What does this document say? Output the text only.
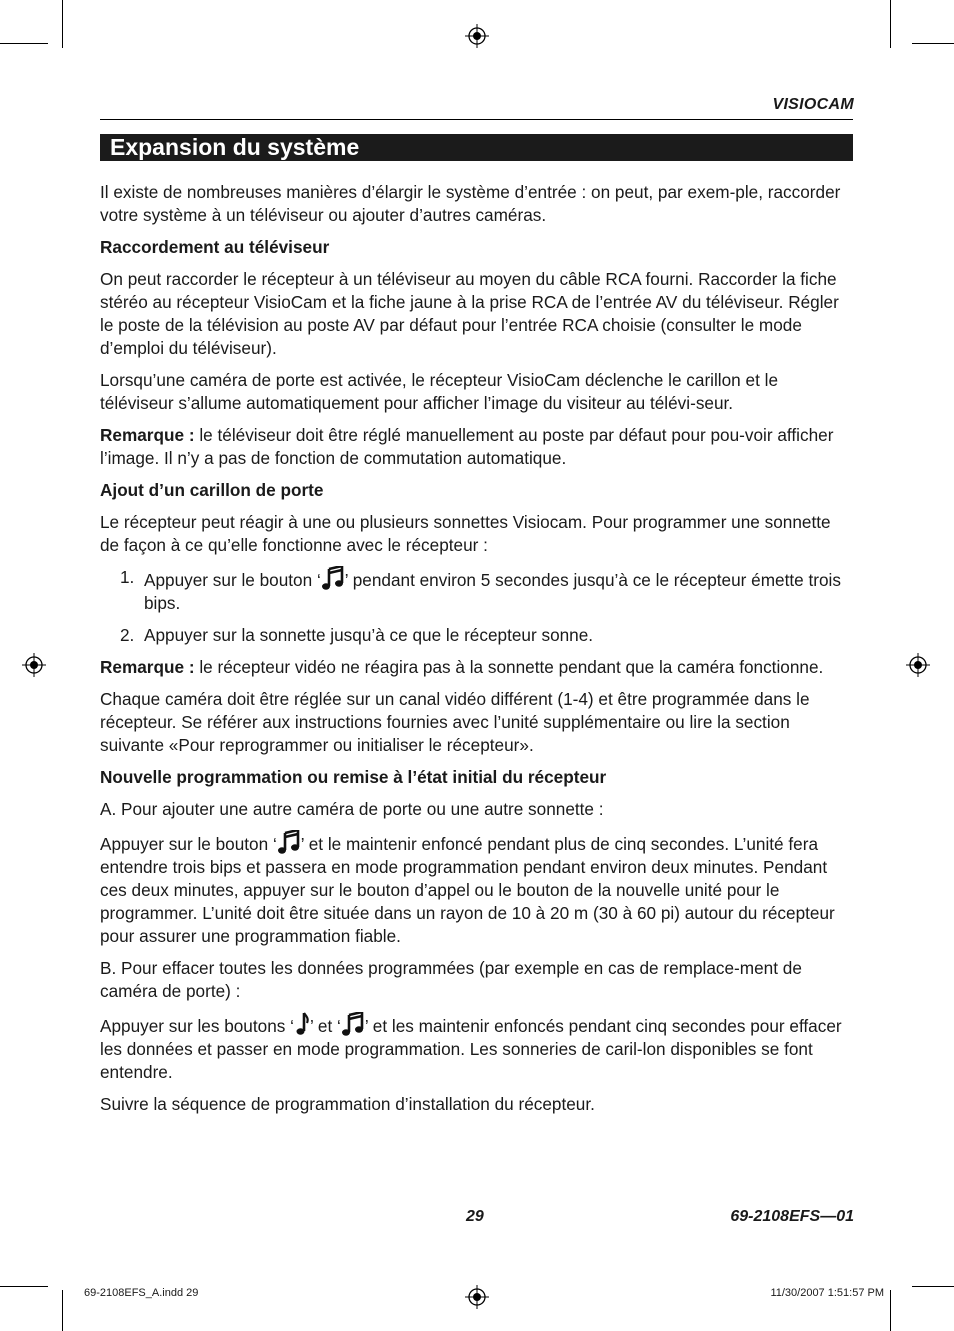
VISIOCAM
Expansion du système

Il existe de nombreuses manières d’élargir le système d’entrée : on peut, par exem-ple, raccorder votre système à un téléviseur ou ajouter d’autres caméras.

Raccordement au téléviseur

On peut raccorder le récepteur à un téléviseur au moyen du câble RCA fourni. Raccorder la fiche stéréo au récepteur VisioCam et la fiche jaune à la prise RCA de l’entrée AV du téléviseur. Régler le poste de la télévision au poste AV par défaut pour l’entrée RCA choisie (consulter le mode d’emploi du téléviseur).

Lorsqu’une caméra de porte est activée, le récepteur VisioCam déclenche le carillon et le téléviseur s’allume automatiquement pour afficher l’image du visiteur au télévi-seur.

Remarque : le téléviseur doit être réglé manuellement au poste par défaut pour pou-voir afficher l’image. Il n’y a pas de fonction de commutation automatique.

Ajout d’un carillon de porte

Le récepteur peut réagir à une ou plusieurs sonnettes Visiocam. Pour programmer une sonnette de façon à ce qu’elle fonctionne avec le récepteur :

1. Appuyer sur le bouton ‘ ’ pendant environ 5 secondes jusqu’à ce le récepteur émette trois bips.
2. Appuyer sur la sonnette jusqu’à ce que le récepteur sonne.

Remarque : le récepteur vidéo ne réagira pas à la sonnette pendant que la caméra fonctionne.

Chaque caméra doit être réglée sur un canal vidéo différent (1-4) et être programmée dans le récepteur. Se référer aux instructions fournies avec l’unité supplémentaire ou lire la section suivante «Pour reprogrammer ou initialiser le récepteur».

Nouvelle programmation ou remise à l’état initial du récepteur

A. Pour ajouter une autre caméra de porte ou une autre sonnette :

Appuyer sur le bouton ‘ ’ et le maintenir enfoncé pendant plus de cinq secondes. L’unité fera entendre trois bips et passera en mode programmation pendant environ deux minutes. Pendant ces deux minutes, appuyer sur le bouton d’appel ou le bouton de la nouvelle unité pour le programmer. L’unité doit être située dans un rayon de 10 à 20 m (30 à 60 pi) autour du récepteur pour assurer une programmation fiable.

B. Pour effacer toutes les données programmées (par exemple en cas de remplace-ment de caméra de porte) :

Appuyer sur les boutons ‘ ’ et ‘ ’ et les maintenir enfoncés pendant cinq secondes pour effacer les données et passer en mode programmation. Les sonneries de caril-lon disponibles se font entendre.

Suivre la séquence de programmation d’installation du récepteur.

29	69-2108EFS—01
69-2108EFS_A.indd 29	11/30/2007 1:51:57 PM
